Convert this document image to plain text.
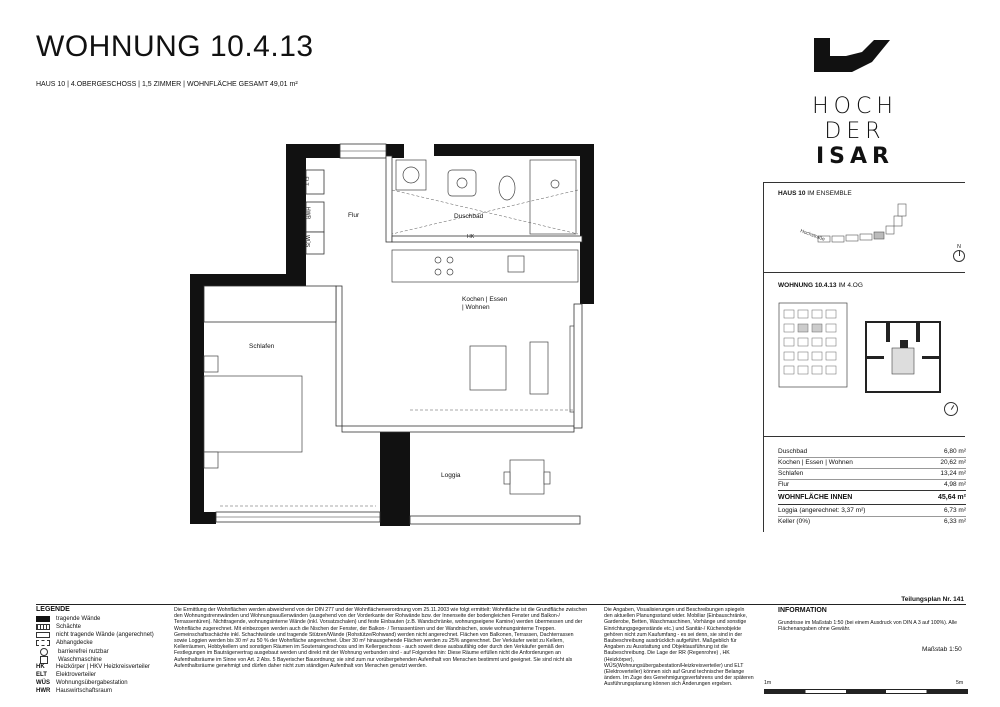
WOHNUNG 10.4.13
HAUS 10 | 4.OBERGESCHOSS | 1,5 ZIMMER | WOHNFLÄCHE GESAMT 49,01 m²
HOCH
DER
ISAR
HAUS 10 IM ENSEMBLE
Hochstraße
N
WOHNUNG 10.4.13 IM 4.OG
Duschbad	6,80 m²
Kochen | Essen | Wohnen	20,62 m²
Schlafen	13,24 m²
Flur	4,98 m²
WOHNFLÄCHE INNEN	45,64 m²
Loggia (angerechnet: 3,37 m²)	6,73 m²
Keller (0%)	6,33 m²
Flur	Duschbad
Kochen | Essen
| Wohnen
Schlafen
Loggia
ELT
HWR
WÜS	HK
Teilungsplan Nr. 141
LEGENDE
tragende Wände
Schächte
nicht tragende Wände (angerechnet)
Abhangdecke
barrierefrei nutzbar
Waschmaschine
HK	Heizkörper | HKV Heizkreisverteiler
ELT	Elektroverteiler
WÜS Wohnungsübergabestation
HWR Hauswirtschaftsraum
Die Ermittlung der Wohnflächen werden abweichend von der DIN 277 und der Wohnflächenverordnung vom 25.11.2003 wie folgt ermittelt: Wohnfläche ist die Grundfläche zwischen den Wohnungstrennwänden und Wohnungsaußenwänden (ausgehend von der Vorderkante der Rohwände bzw. der Innenseite der bodengleichen Fenster und Balkon-/ Terrassentüren). Nichttragende, wohnungsinterne Wände (inkl. Vorsatzschalen) und feste Einbauten (z.B. Wandschränke, wohnungseigene Kamine) werden übermessen und der Wohnfläche zugerechnet. Mit einbezogen werden auch die Nischen der Fenster, der Balkon- / Terrassentüren und der Wandnischen, sowie wohnungsinterne Treppen. Gemeinschaftsschächte inkl. Schachtwände und tragende Stützen/Wände (Rohstütze/Rohwand) werden nicht angerechnet. Flächen von Balkonen, Terrassen, Dachterrassen sowie Loggien werden bis 30 m² zu 50 % der Wohnfläche angerechnet. Über 30 m² hinausgehende Flächen werden zu 25% angerechnet. Der Verkäufer weist zu Kellern, Kellerräumen, Hobbykellern und sonstigen Räumen im Souterraingeschoss und im Kellergeschoss - auch soweit diese ausbaufähig oder durch den Verkäufer gemäß den Festlegungen im Bauträgervertrag ausgebaut werden und direkt mit der Wohnung verbunden sind - auf Folgendes hin: Diese Räume erfüllen nicht die Anforderungen an Aufenthaltsräume im Sinne von Art. 2 Abs. 5 Bayerischer Bauordnung; sie sind zum nur vorübergehenden Aufenthalt von Menschen bestimmt und geeignet. Sie sind nicht als Aufenthaltsräume genehmigt und dürfen daher nicht zum ständigen Aufenthalt von Menschen genutzt werden.
Die Angaben, Visualisierungen und Beschreibungen spiegeln den aktuellen Planungsstand wider. Mobiliar (Einbauschränke, Garderobe, Betten, Waschmaschinen, Vorhänge und sonstige Einrichtungsgegenstände etc.) und Sanitär-/ Küchenobjekte gehören nicht zum Kaufumfang - es sei denn, sie sind in der Baubeschreibung ausdrücklich aufgeführt. Maßgeblich für Angaben zu Ausstattung und Objektausführung ist die Baubeschreibung. Die Lage der RR (Regenrohre) , HK (Heizkörper), WÜS(Wohnungsübergabestation/Heizkreisverteiler) und ELT (Elektroverteiler) können sich auf Grund technischer Belange ändern. Im Zuge des Genehmigungsverfahrens und der späteren Ausführungsplanung können sich Änderungen ergeben.
INFORMATION
Grundrisse im Maßstab 1:50 (bei einem Ausdruck von DIN A 3 auf 100%). Alle Flächenangaben ohne Gewähr.
Maßstab 1:50
1m	5m
